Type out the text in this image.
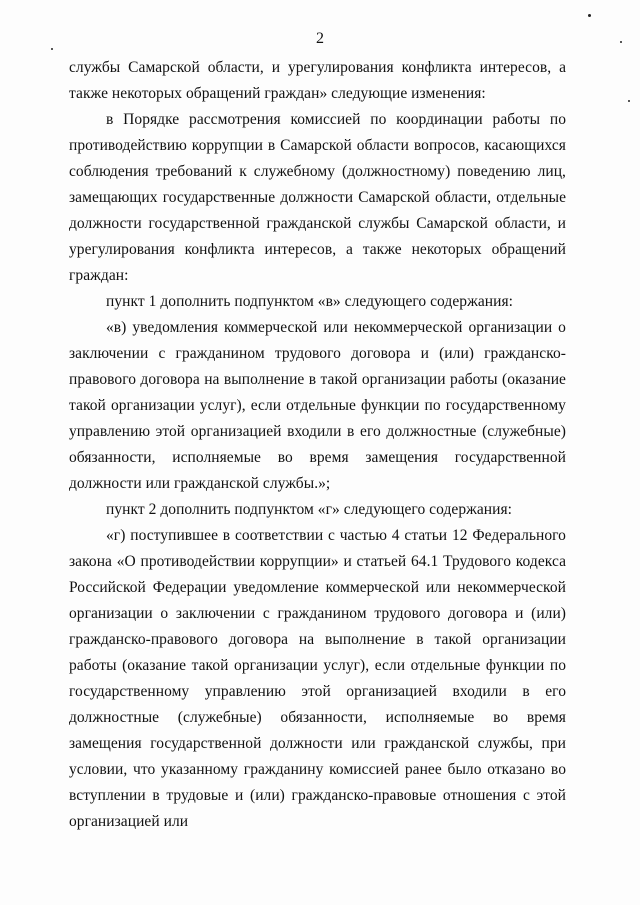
2

службы Самарской области, и урегулирования конфликта интересов, а также некоторых обращений граждан» следующие изменения:

в Порядке рассмотрения комиссией по координации работы по противодействию коррупции в Самарской области вопросов, касающихся соблюдения требований к служебному (должностному) поведению лиц, замещающих государственные должности Самарской области, отдельные должности государственной гражданской службы Самарской области, и урегулирования конфликта интересов, а также некоторых обращений граждан:

пункт 1 дополнить подпунктом «в» следующего содержания:

«в) уведомления коммерческой или некоммерческой организации о заключении с гражданином трудового договора и (или) гражданско-правового договора на выполнение в такой организации работы (оказание такой организации услуг), если отдельные функции по государственному управлению этой организацией входили в его должностные (служебные) обязанности, исполняемые во время замещения государственной должности или гражданской службы.»;

пункт 2 дополнить подпунктом «г» следующего содержания:

«г) поступившее в соответствии с частью 4 статьи 12 Федерального закона «О противодействии коррупции» и статьей 64.1 Трудового кодекса Российской Федерации уведомление коммерческой или некоммерческой организации о заключении с гражданином трудового договора и (или) гражданско-правового договора на выполнение в такой организации работы (оказание такой организации услуг), если отдельные функции по государственному управлению этой организацией входили в его должностные (служебные) обязанности, исполняемые во время замещения государственной должности или гражданской службы, при условии, что указанному гражданину комиссией ранее было отказано во вступлении в трудовые и (или) гражданско-правовые отношения с этой организацией или
